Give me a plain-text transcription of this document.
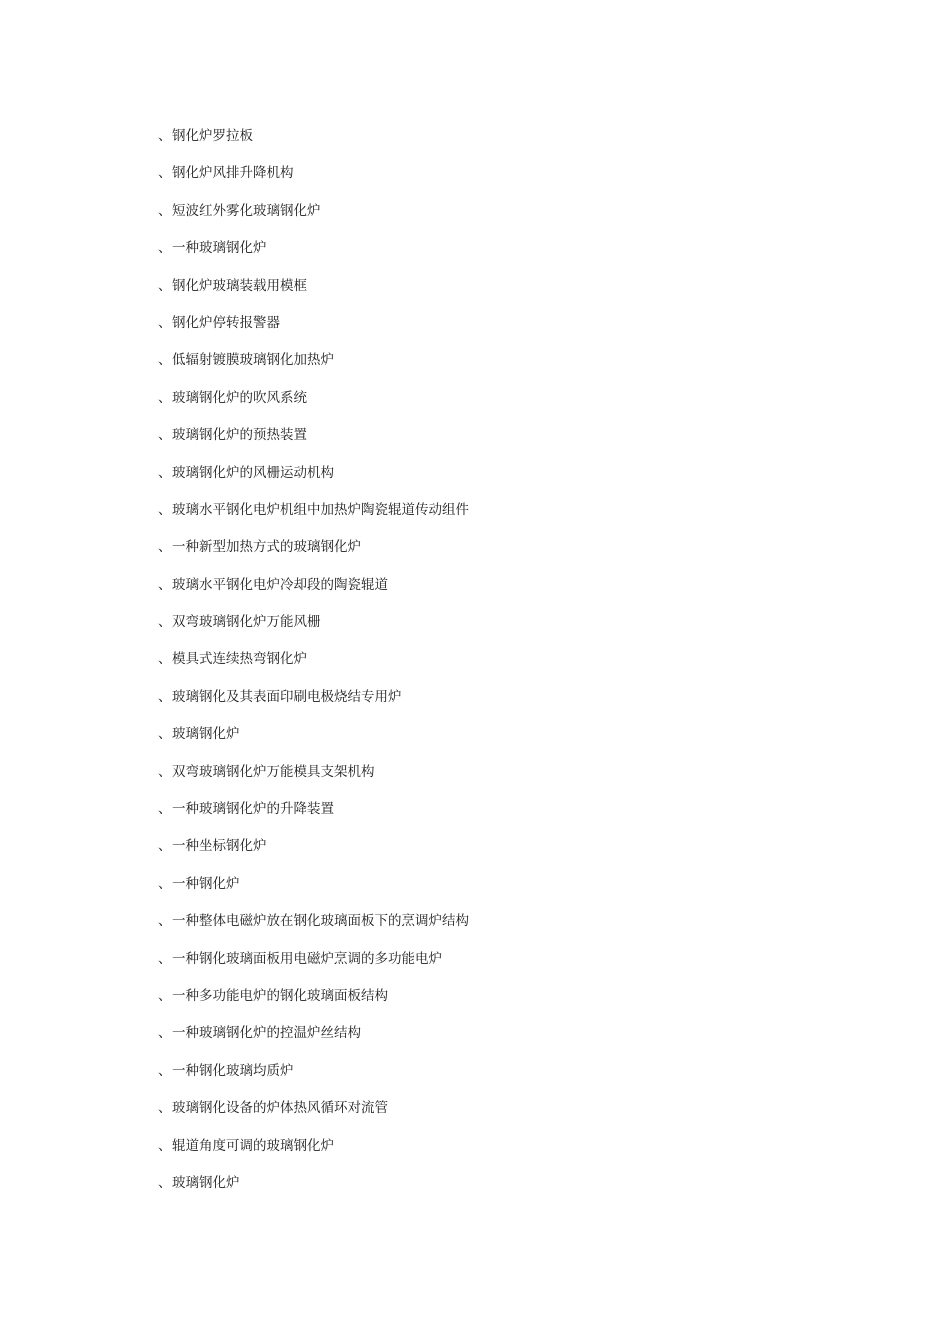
、 钢化炉罗拉板
、 钢化炉风排升降机构
、 短波红外雾化玻璃钢化炉
、 一种玻璃钢化炉
、 钢化炉玻璃装载用模框
、 钢化炉停转报警器
、 低辐射镀膜玻璃钢化加热炉
、 玻璃钢化炉的吹风系统
、 玻璃钢化炉的预热装置
、 玻璃钢化炉的风栅运动机构
、 玻璃水平钢化电炉机组中加热炉陶瓷辊道传动组件
、 一种新型加热方式的玻璃钢化炉
、 玻璃水平钢化电炉冷却段的陶瓷辊道
、 双弯玻璃钢化炉万能风栅
、 模具式连续热弯钢化炉
、 玻璃钢化及其表面印刷电极烧结专用炉
、 玻璃钢化炉
、 双弯玻璃钢化炉万能模具支架机构
、 一种玻璃钢化炉的升降装置
、 一种坐标钢化炉
、 一种钢化炉
、 一种整体电磁炉放在钢化玻璃面板下的烹调炉结构
、 一种钢化玻璃面板用电磁炉烹调的多功能电炉
、 一种多功能电炉的钢化玻璃面板结构
、 一种玻璃钢化炉的控温炉丝结构
、 一种钢化玻璃均质炉
、 玻璃钢化设备的炉体热风循环对流管
、 辊道角度可调的玻璃钢化炉
、 玻璃钢化炉
